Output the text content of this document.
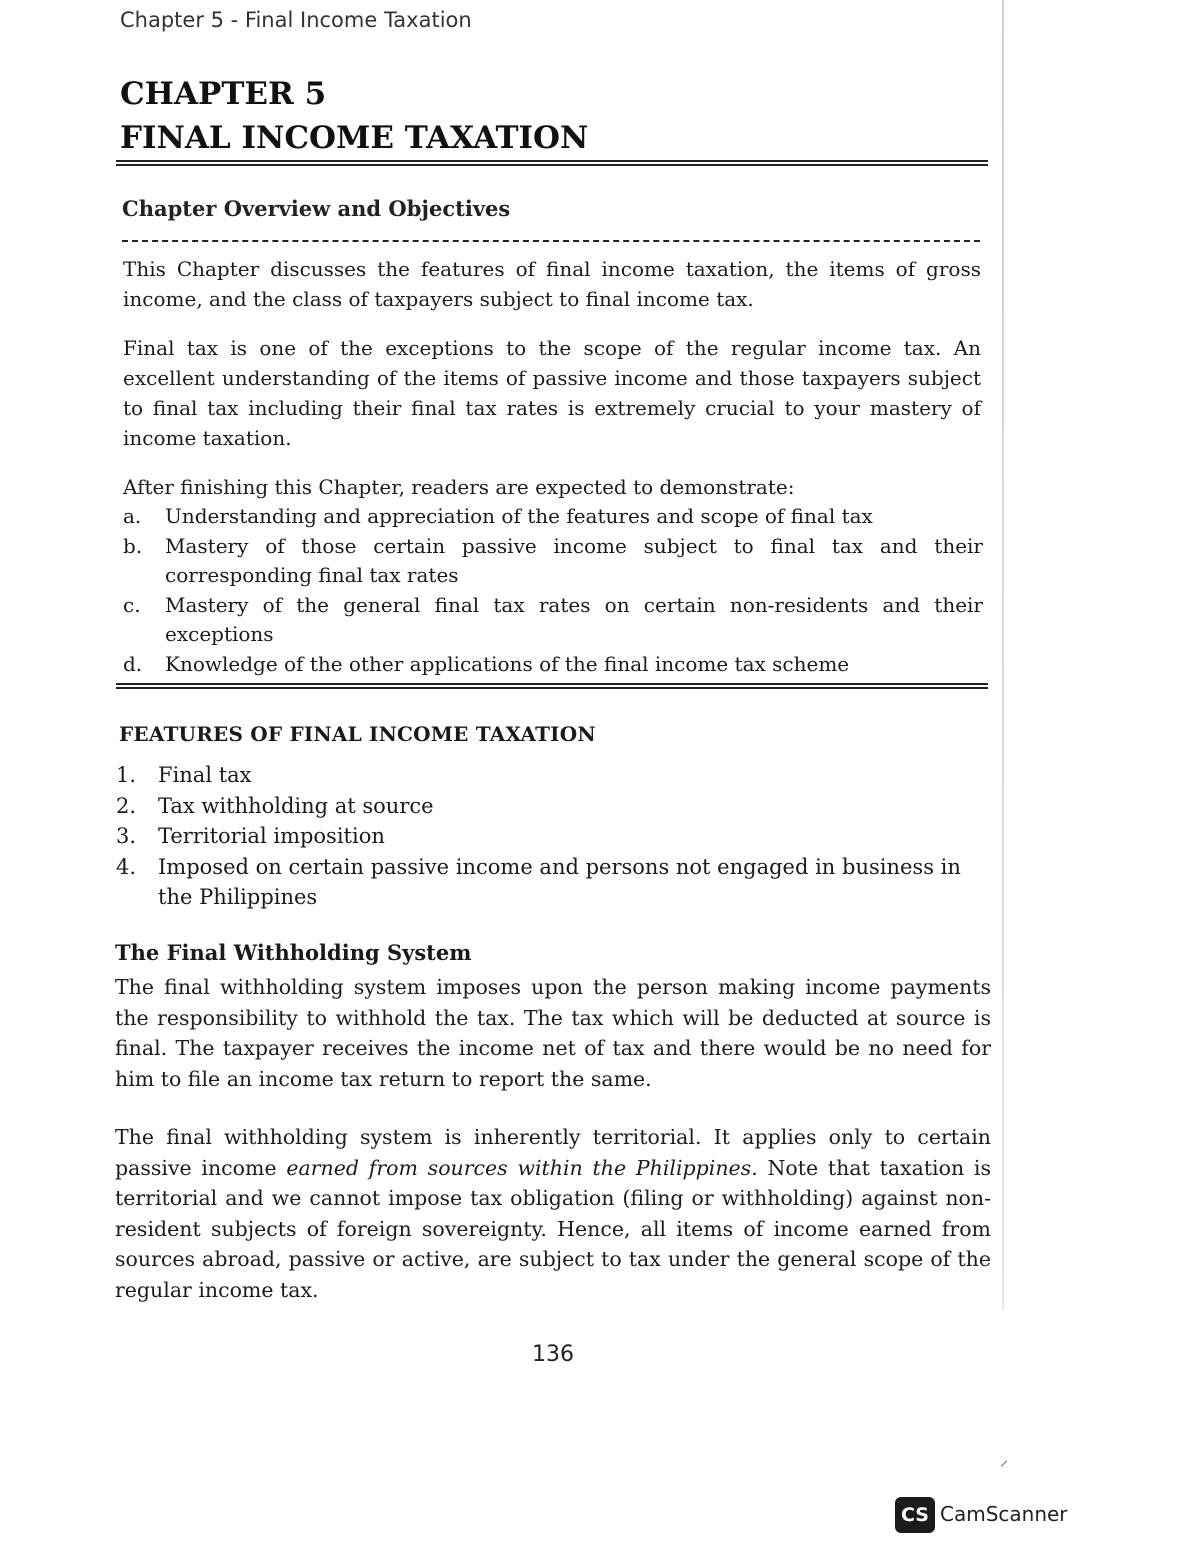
Chapter 5 - Final Income Taxation
CHAPTER 5
FINAL INCOME TAXATION
Chapter Overview and Objectives

This Chapter discusses the features of final income taxation, the items of gross income, and the class of taxpayers subject to final income tax.

Final tax is one of the exceptions to the scope of the regular income tax. An excellent understanding of the items of passive income and those taxpayers subject to final tax including their final tax rates is extremely crucial to your mastery of income taxation.

After finishing this Chapter, readers are expected to demonstrate:

a. Understanding and appreciation of the features and scope of final tax
b. Mastery of those certain passive income subject to final tax and their corresponding final tax rates
c. Mastery of the general final tax rates on certain non-residents and their exceptions
d. Knowledge of the other applications of the final income tax scheme
FEATURES OF FINAL INCOME TAXATION
1. Final tax
2. Tax withholding at source
3. Territorial imposition
4. Imposed on certain passive income and persons not engaged in business in the Philippines
The Final Withholding System

The final withholding system imposes upon the person making income payments the responsibility to withhold the tax. The tax which will be deducted at source is final. The taxpayer receives the income net of tax and there would be no need for him to file an income tax return to report the same.

The final withholding system is inherently territorial. It applies only to certain passive income earned from sources within the Philippines. Note that taxation is territorial and we cannot impose tax obligation (filing or withholding) against non-resident subjects of foreign sovereignty. Hence, all items of income earned from sources abroad, passive or active, are subject to tax under the general scope of the regular income tax.

136
⸍
CS CamScanner
